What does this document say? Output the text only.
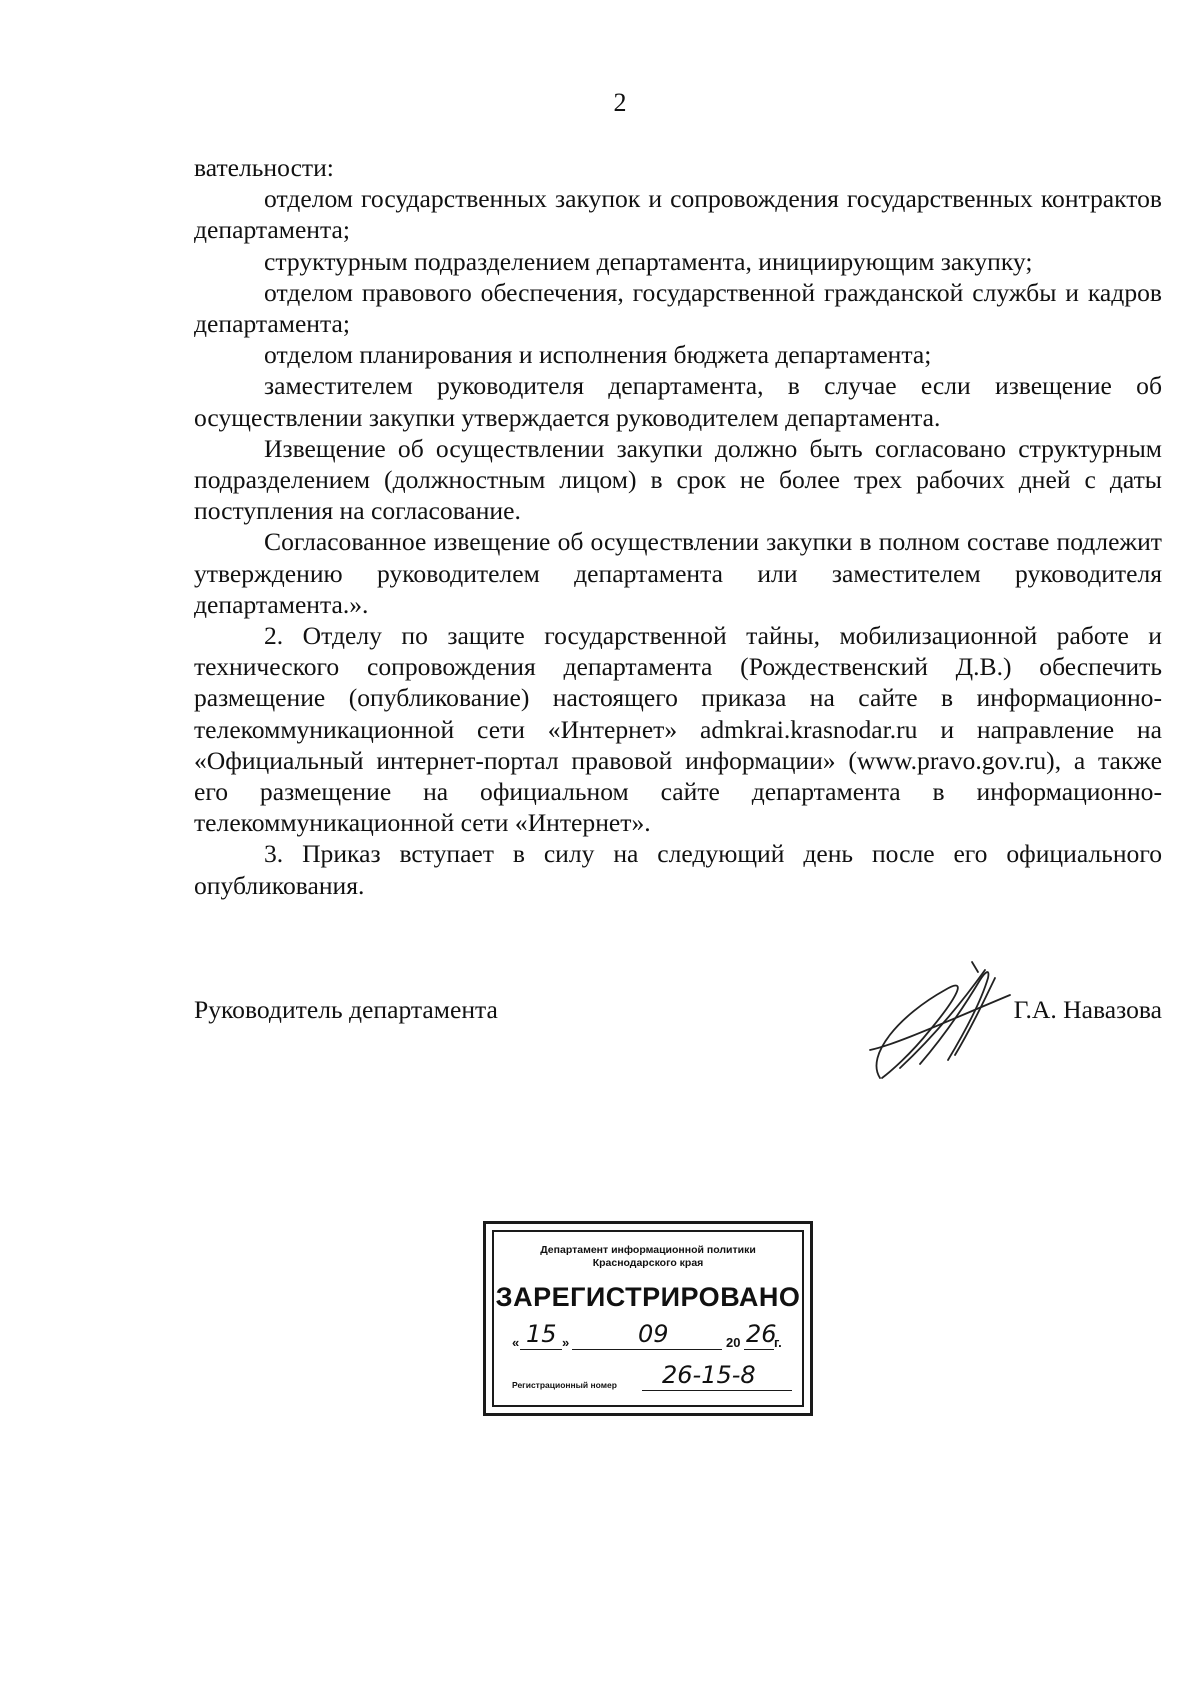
2

вательности:

отделом государственных закупок и сопровождения государственных контрактов департамента;

структурным подразделением департамента, инициирующим закупку;

отделом правового обеспечения, государственной гражданской службы и кадров департамента;

отделом планирования и исполнения бюджета департамента;

заместителем руководителя департамента, в случае если извещение об осуществлении закупки утверждается руководителем департамента.

Извещение об осуществлении закупки должно быть согласовано структурным подразделением (должностным лицом) в срок не более трех рабочих дней с даты поступления на согласование.

Согласованное извещение об осуществлении закупки в полном составе подлежит утверждению руководителем департамента или заместителем руководителя департамента.».

2. Отделу по защите государственной тайны, мобилизационной работе и технического сопровождения департамента (Рождественский Д.В.) обеспечить размещение (опубликование) настоящего приказа на сайте в информационно-телекоммуникационной сети «Интернет» admkrai.krasnodar.ru и направление на «Официальный интернет-портал правовой информации» (www.pravo.gov.ru), а также его размещение на официальном сайте департамента в информационно-телекоммуникационной сети «Интернет».

3. Приказ вступает в силу на следующий день после его официального опубликования.

Руководитель департамента	Г.А. Навазова
Департамент информационной политики
Краснодарского края
ЗАРЕГИСТРИРОВАНО
« 15 »	09	20 26
г.
Регистрационный номер 26-15-8
